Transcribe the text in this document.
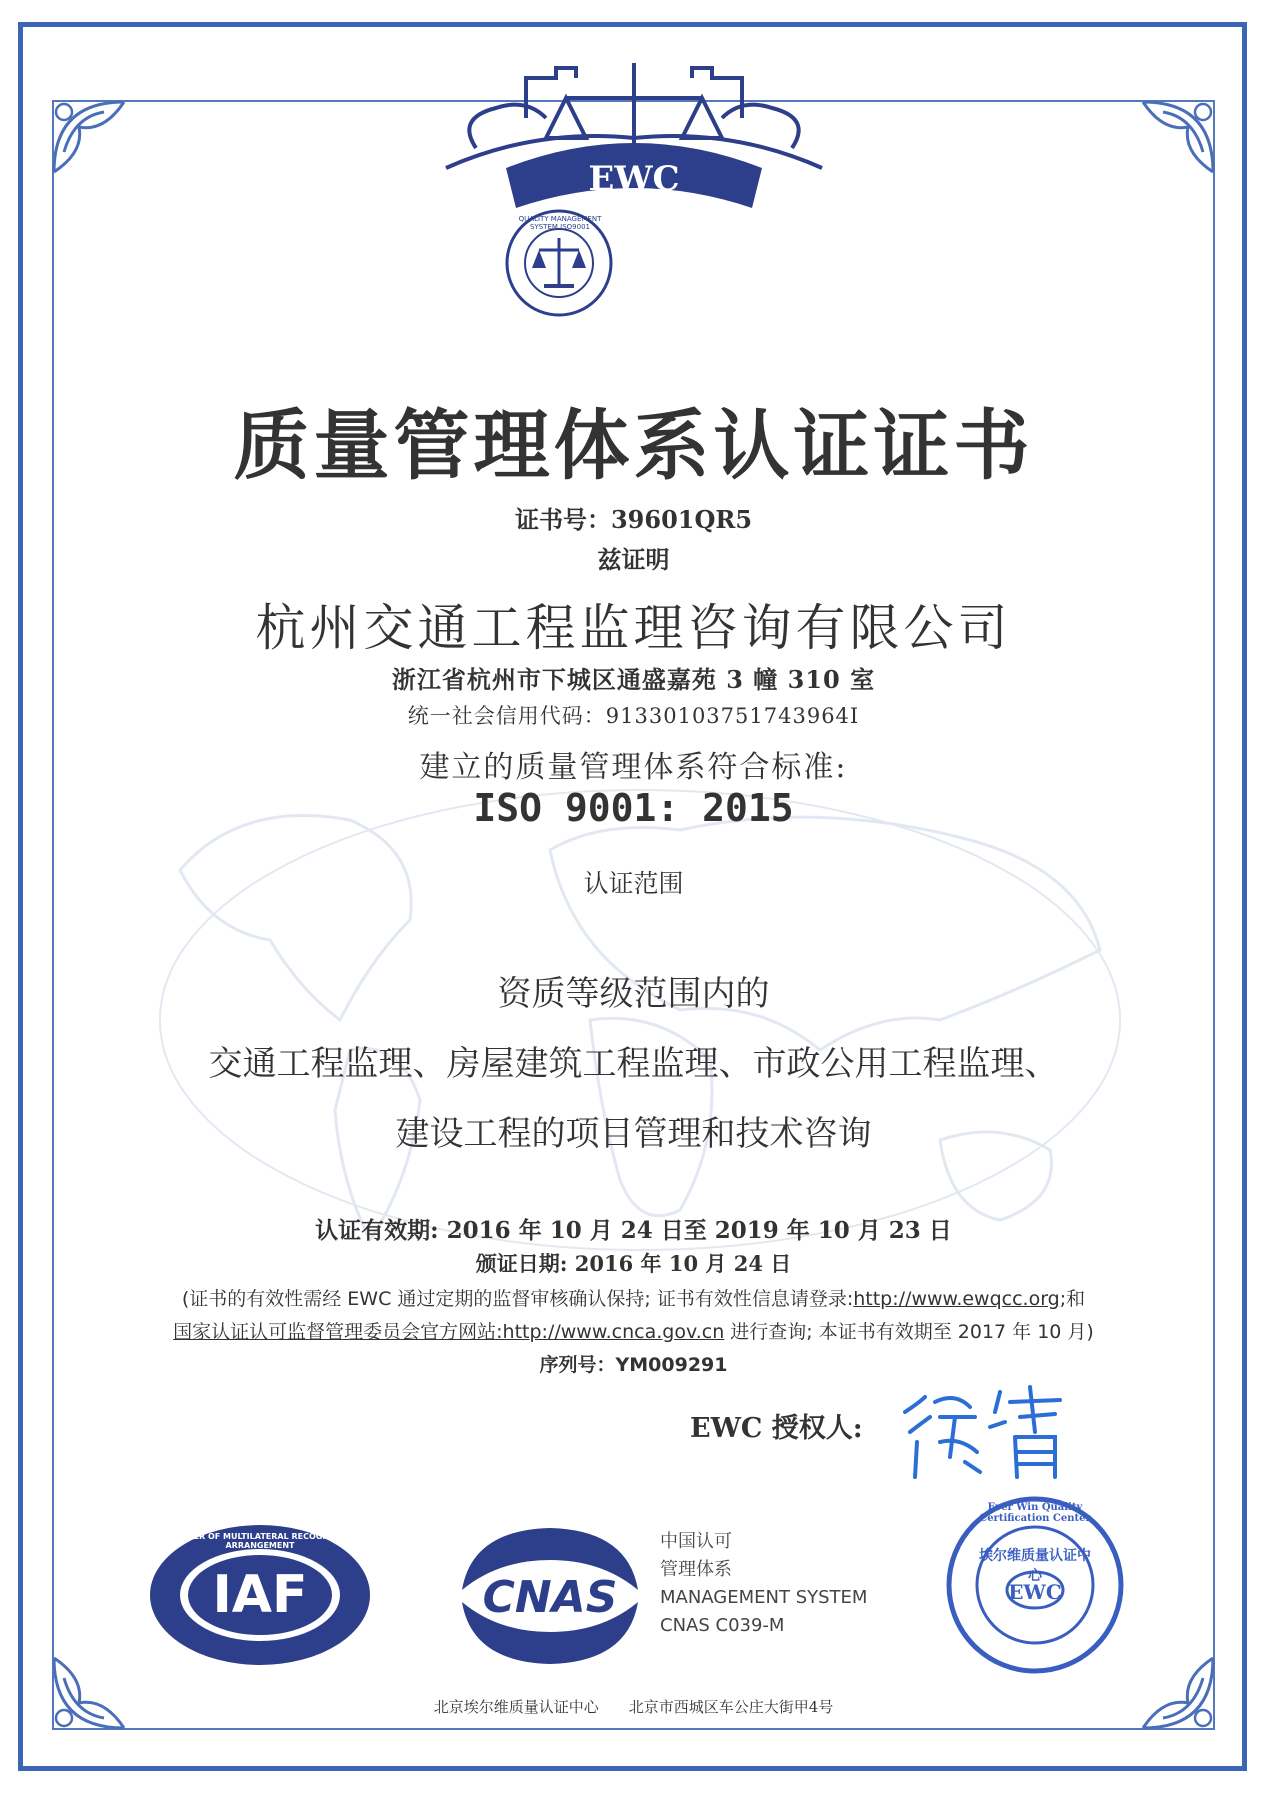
EWC
QUALITY MANAGEMENT SYSTEM ISO9001
质量管理体系认证证书
证书号：39601QR5
兹证明
杭州交通工程监理咨询有限公司
浙江省杭州市下城区通盛嘉苑 3 幢 310 室
统一社会信用代码：91330103751743964I
建立的质量管理体系符合标准:
ISO 9001: 2015
认证范围
资质等级范围内的
交通工程监理、房屋建筑工程监理、市政公用工程监理、
建设工程的项目管理和技术咨询
认证有效期: 2016 年 10 月 24 日至 2019 年 10 月 23 日
颁证日期: 2016 年 10 月 24 日
(证书的有效性需经 EWC 通过定期的监督审核确认保持; 证书有效性信息请登录:http://www.ewqcc.org;和
国家认证认可监督管理委员会官方网站:http://www.cnca.gov.cn 进行查询; 本证书有效期至 2017 年 10 月)
序列号：YM009291
EWC 授权人:
IAF
MEMBER OF MULTILATERAL RECOGNITION ARRANGEMENT
CNAS
中国认可
管理体系
MANAGEMENT SYSTEM
CNAS C039-M
EWC
Ever Win Quality Certification Center
埃尔维质量认证中心
北京埃尔维质量认证中心　　北京市西城区车公庄大街甲4号
